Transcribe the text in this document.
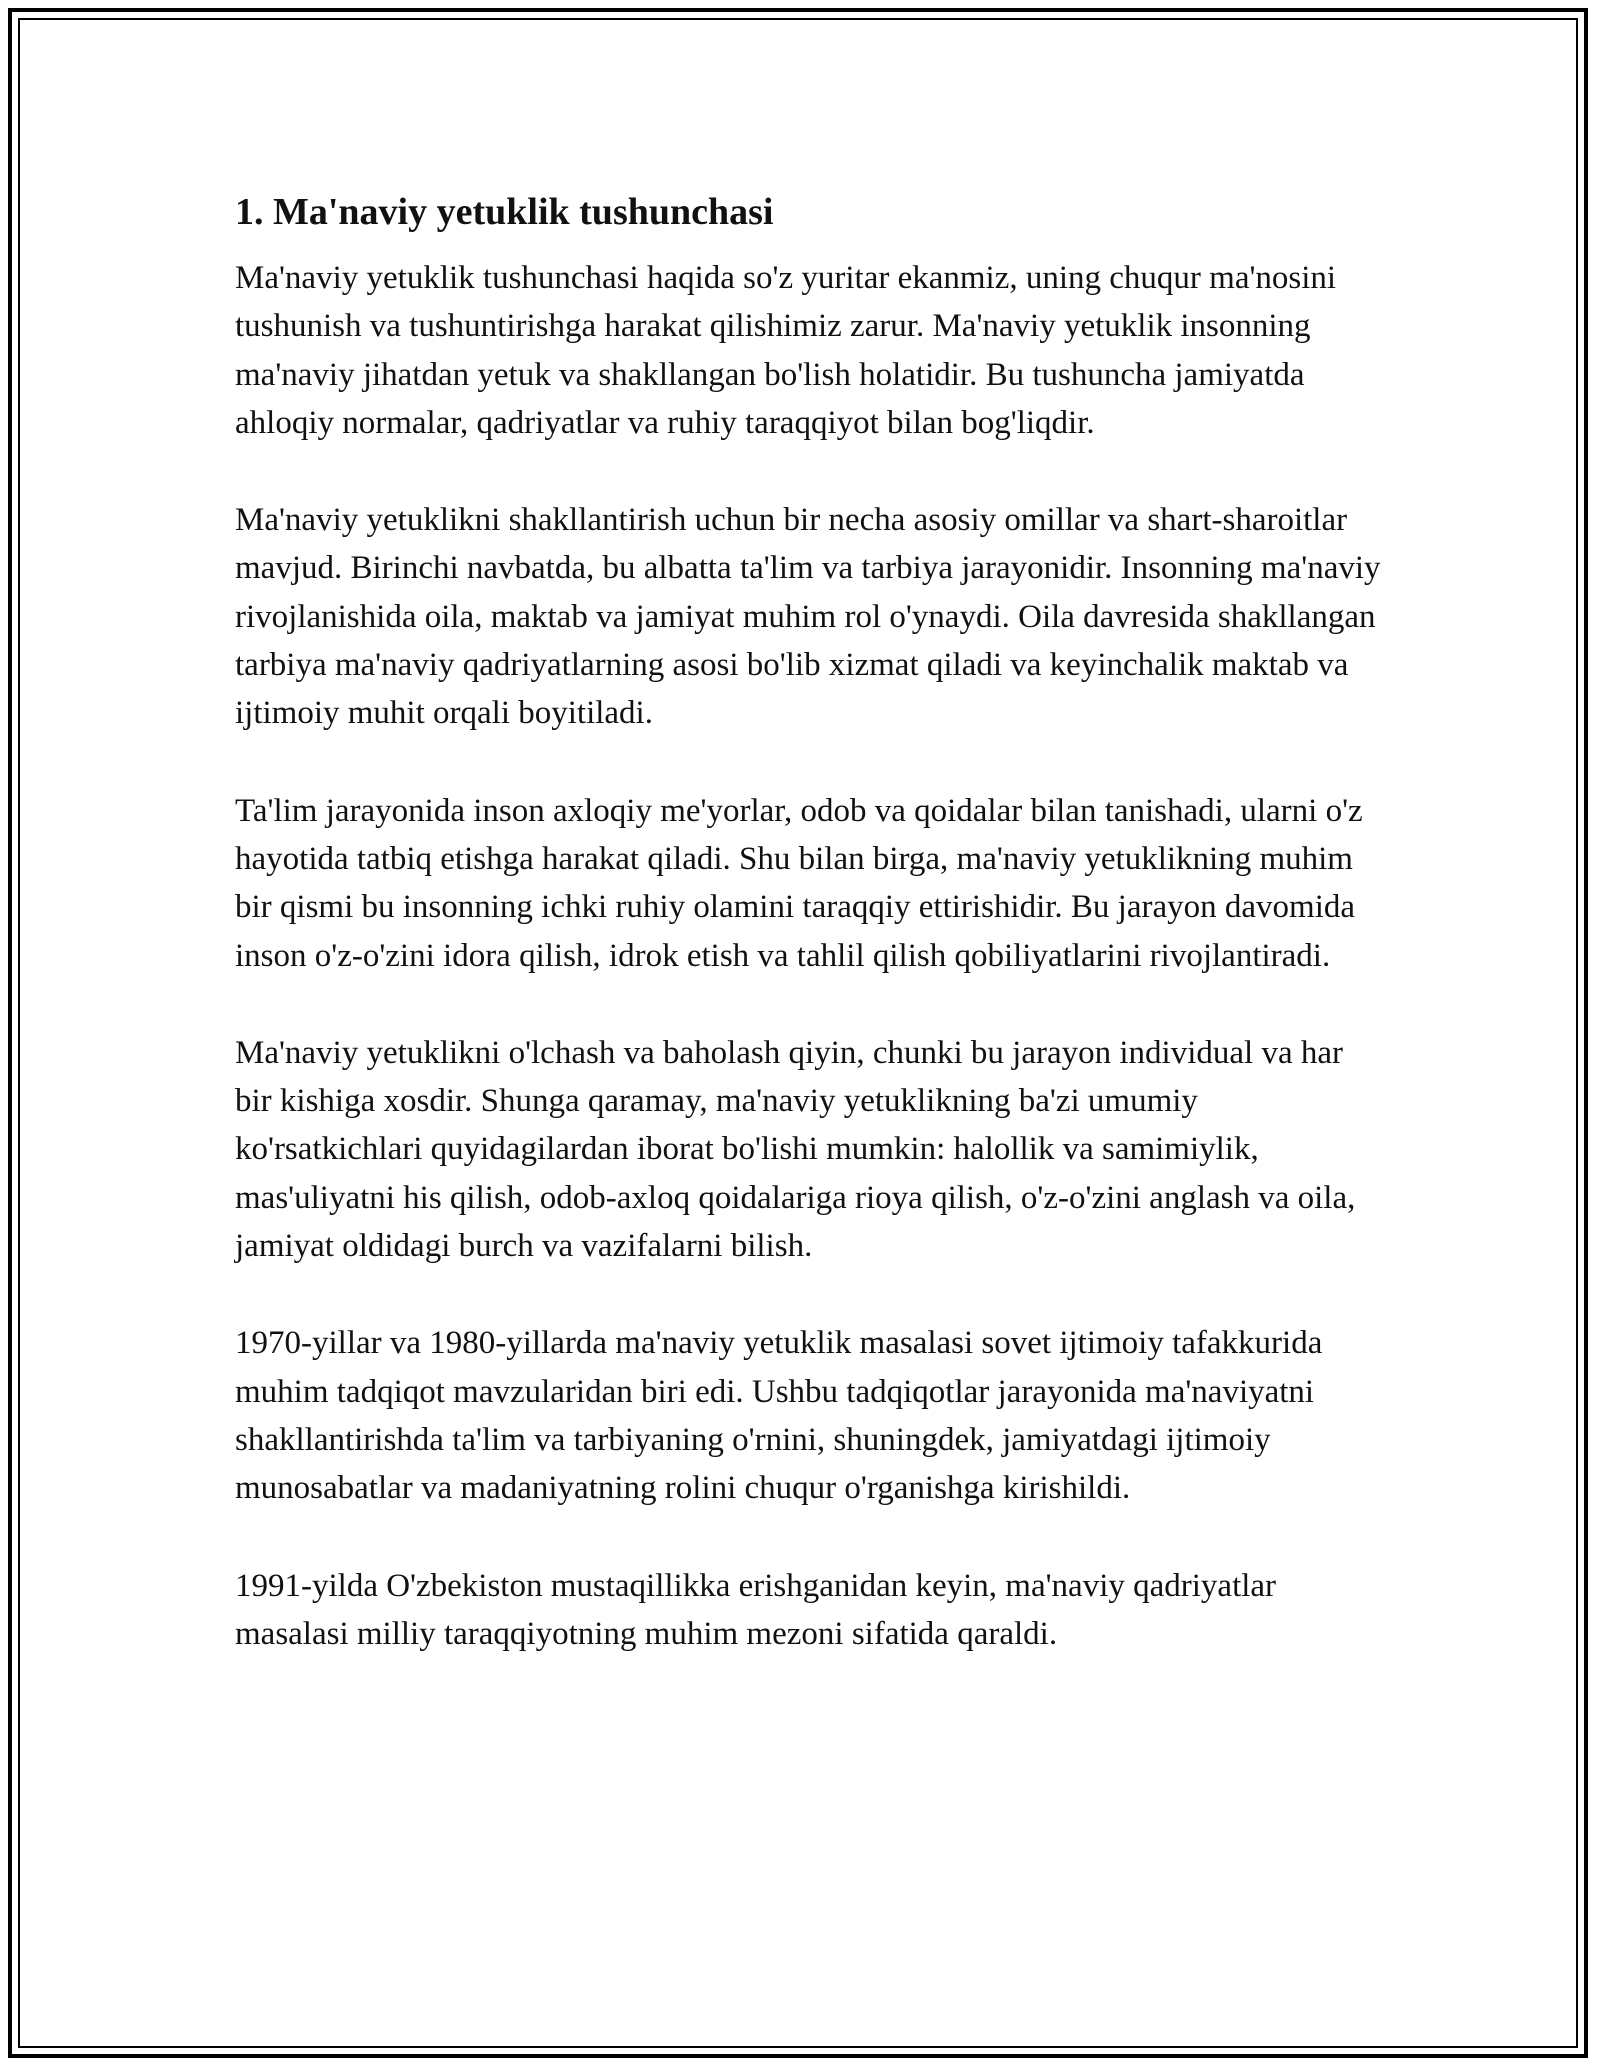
1. Ma'naviy yetuklik tushunchasi

Ma'naviy yetuklik tushunchasi haqida so'z yuritar ekanmiz, uning chuqur ma'nosini tushunish va tushuntirishga harakat qilishimiz zarur. Ma'naviy yetuklik insonning ma'naviy jihatdan yetuk va shakllangan bo'lish holatidir. Bu tushuncha jamiyatda ahloqiy normalar, qadriyatlar va ruhiy taraqqiyot bilan bog'liqdir.

Ma'naviy yetuklikni shakllantirish uchun bir necha asosiy omillar va shart-sharoitlar mavjud. Birinchi navbatda, bu albatta ta'lim va tarbiya jarayonidir. Insonning ma'naviy rivojlanishida oila, maktab va jamiyat muhim rol o'ynaydi. Oila davresida shakllangan tarbiya ma'naviy qadriyatlarning asosi bo'lib xizmat qiladi va keyinchalik maktab va ijtimoiy muhit orqali boyitiladi.

Ta'lim jarayonida inson axloqiy me'yorlar, odob va qoidalar bilan tanishadi, ularni o'z hayotida tatbiq etishga harakat qiladi. Shu bilan birga, ma'naviy yetuklikning muhim bir qismi bu insonning ichki ruhiy olamini taraqqiy ettirishidir. Bu jarayon davomida inson o'z-o'zini idora qilish, idrok etish va tahlil qilish qobiliyatlarini rivojlantiradi.

Ma'naviy yetuklikni o'lchash va baholash qiyin, chunki bu jarayon individual va har bir kishiga xosdir. Shunga qaramay, ma'naviy yetuklikning ba'zi umumiy ko'rsatkichlari quyidagilardan iborat bo'lishi mumkin: halollik va samimiylik, mas'uliyatni his qilish, odob-axloq qoidalariga rioya qilish, o'z-o'zini anglash va oila, jamiyat oldidagi burch va vazifalarni bilish.

1970-yillar va 1980-yillarda ma'naviy yetuklik masalasi sovet ijtimoiy tafakkurida muhim tadqiqot mavzularidan biri edi. Ushbu tadqiqotlar jarayonida ma'naviyatni shakllantirishda ta'lim va tarbiyaning o'rnini, shuningdek, jamiyatdagi ijtimoiy munosabatlar va madaniyatning rolini chuqur o'rganishga kirishildi.

1991-yilda O'zbekiston mustaqillikka erishganidan keyin, ma'naviy qadriyatlar masalasi milliy taraqqiyotning muhim mezoni sifatida qaraldi.
